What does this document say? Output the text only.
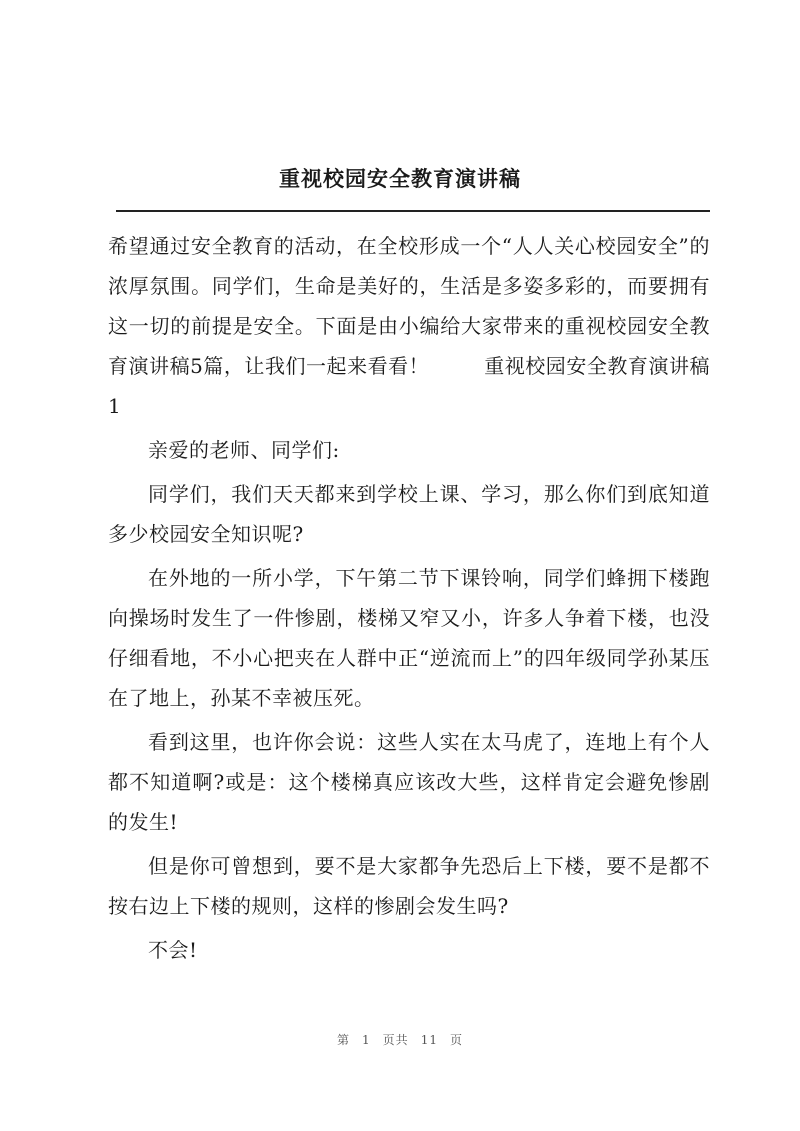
重视校园安全教育演讲稿

希望通过安全教育的活动，在全校形成一个“人人关心校园安全”的浓厚氛围。同学们，生命是美好的，生活是多姿多彩的，而要拥有这一切的前提是安全。下面是由小编给大家带来的重视校园安全教育演讲稿5篇，让我们一起来看看！	重视校园安全教育演讲稿1

亲爱的老师、同学们:

同学们，我们天天都来到学校上课、学习，那么你们到底知道多少校园安全知识呢?

在外地的一所小学，下午第二节下课铃响，同学们蜂拥下楼跑向操场时发生了一件惨剧，楼梯又窄又小，许多人争着下楼，也没仔细看地，不小心把夹在人群中正“逆流而上”的四年级同学孙某压在了地上，孙某不幸被压死。

看到这里，也许你会说：这些人实在太马虎了，连地上有个人都不知道啊?或是：这个楼梯真应该改大些，这样肯定会避免惨剧的发生!

但是你可曾想到，要不是大家都争先恐后上下楼，要不是都不按右边上下楼的规则，这样的惨剧会发生吗?

不会!

第 1 页共 11 页
